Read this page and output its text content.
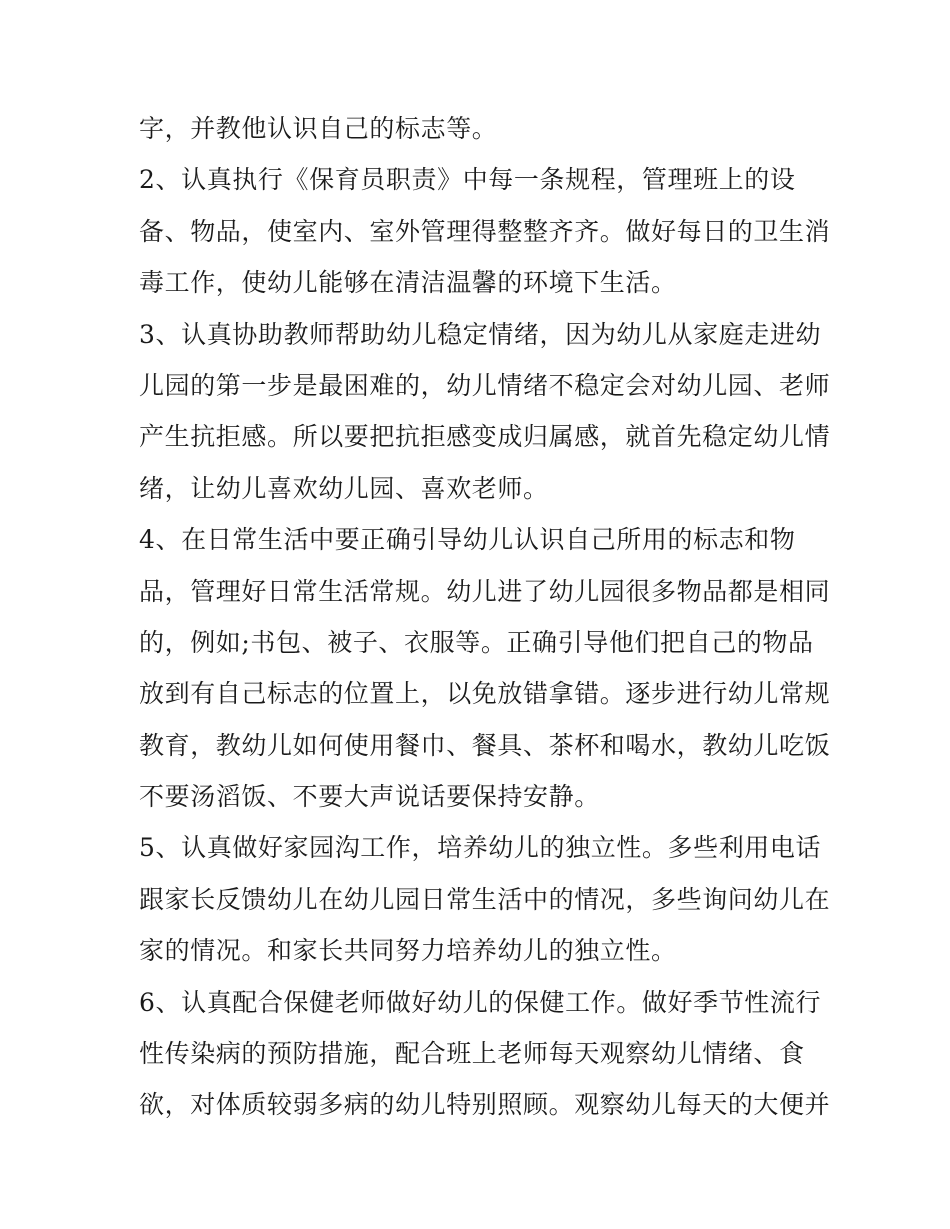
字，并教他认识自己的标志等。
2、认真执行《保育员职责》中每一条规程，管理班上的设
备、物品，使室内、室外管理得整整齐齐。做好每日的卫生消
毒工作，使幼儿能够在清洁温馨的环境下生活。
3、认真协助教师帮助幼儿稳定情绪，因为幼儿从家庭走进幼
儿园的第一步是最困难的，幼儿情绪不稳定会对幼儿园、老师
产生抗拒感。所以要把抗拒感变成归属感，就首先稳定幼儿情
绪，让幼儿喜欢幼儿园、喜欢老师。
4、在日常生活中要正确引导幼儿认识自己所用的标志和物
品，管理好日常生活常规。幼儿进了幼儿园很多物品都是相同
的，例如;书包、被子、衣服等。正确引导他们把自己的物品
放到有自己标志的位置上，以免放错拿错。逐步进行幼儿常规
教育，教幼儿如何使用餐巾、餐具、茶杯和喝水，教幼儿吃饭
不要汤滔饭、不要大声说话要保持安静。
5、认真做好家园沟工作，培养幼儿的独立性。多些利用电话
跟家长反馈幼儿在幼儿园日常生活中的情况，多些询问幼儿在
家的情况。和家长共同努力培养幼儿的独立性。
6、认真配合保健老师做好幼儿的保健工作。做好季节性流行
性传染病的预防措施，配合班上老师每天观察幼儿情绪、食
欲，对体质较弱多病的幼儿特别照顾。观察幼儿每天的大便并
